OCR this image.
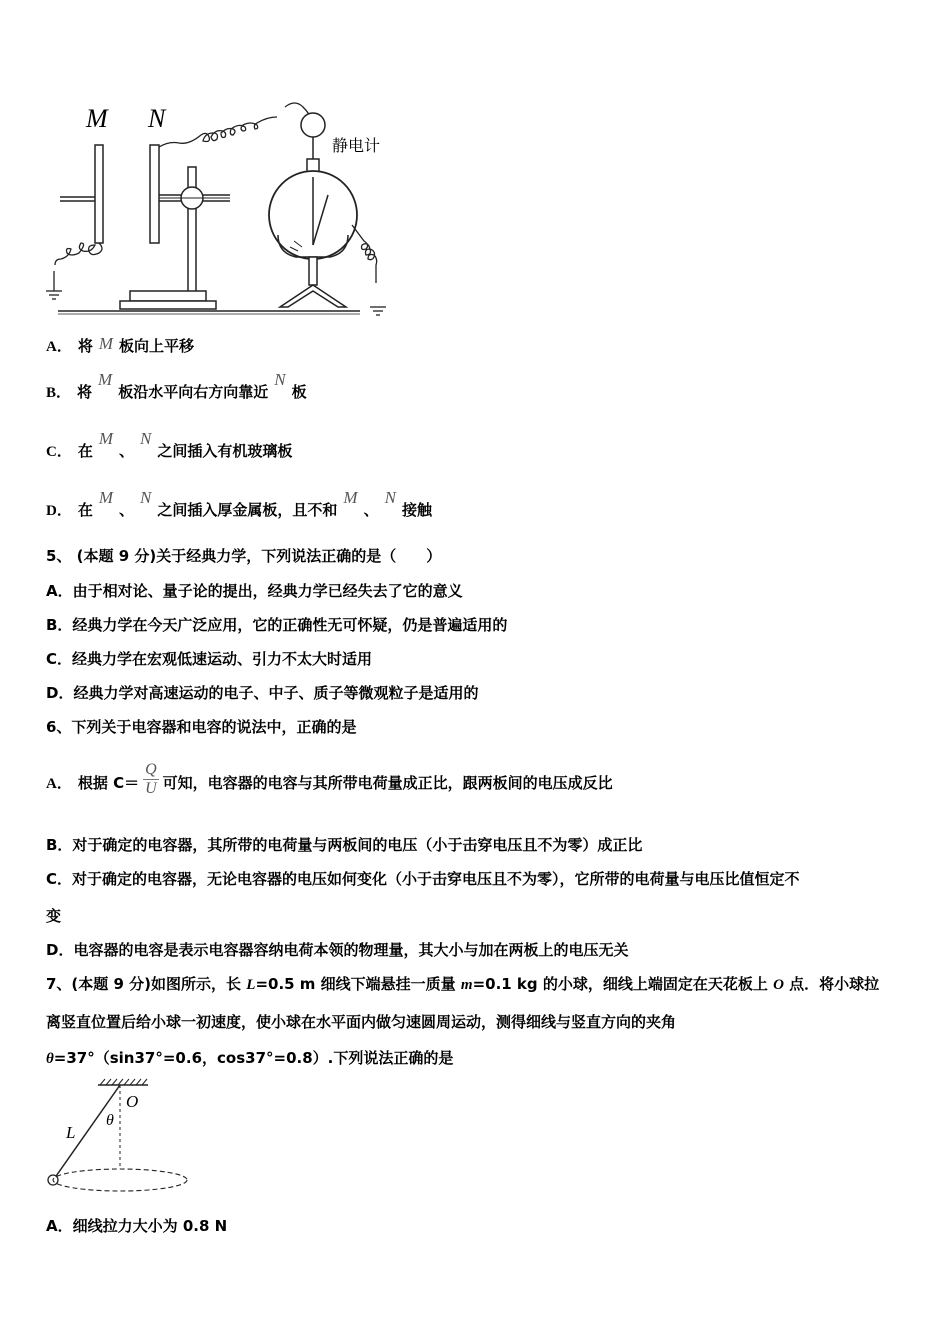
M N
静电计
A． 将 M 板向上平移
B． 将M板沿水平向右方向靠近N板
C． 在M、N之间插入有机玻璃板
D． 在M、N之间插入厚金属板，且不和M、N接触
5、 (本题 9 分)关于经典力学，下列说法正确的是（　　）
A．由于相对论、量子论的提出，经典力学已经失去了它的意义
B．经典力学在今天广泛应用，它的正确性无可怀疑，仍是普遍适用的
C．经典力学在宏观低速运动、引力不太大时适用
D．经典力学对高速运动的电子、中子、质子等微观粒子是适用的
6、下列关于电容器和电容的说法中，正确的是
A． 根据 $C= \frac{Q}{U}$ 可知，电容器的电容与其所带电荷量成正比，跟两板间的电压成反比
B．对于确定的电容器，其所带的电荷量与两板间的电压（小于击穿电压且不为零）成正比
C．对于确定的电容器，无论电容器的电压如何变化（小于击穿电压且不为零），它所带的电荷量与电压比值恒定不
变
D．电容器的电容是表示电容器容纳电荷本领的物理量，其大小与加在两板上的电压无关
7、(本题 9 分)如图所示，长 L=0.5 m 细线下端悬挂一质量 m=0.1 kg 的小球，细线上端固定在天花板上 O 点．将小球拉
离竖直位置后给小球一初速度，使小球在水平面内做匀速圆周运动，测得细线与竖直方向的夹角
θ=37°（sin37°=0.6，cos37°=0.8）.下列说法正确的是
O
θ
L
A．细线拉力大小为 0.8 N
